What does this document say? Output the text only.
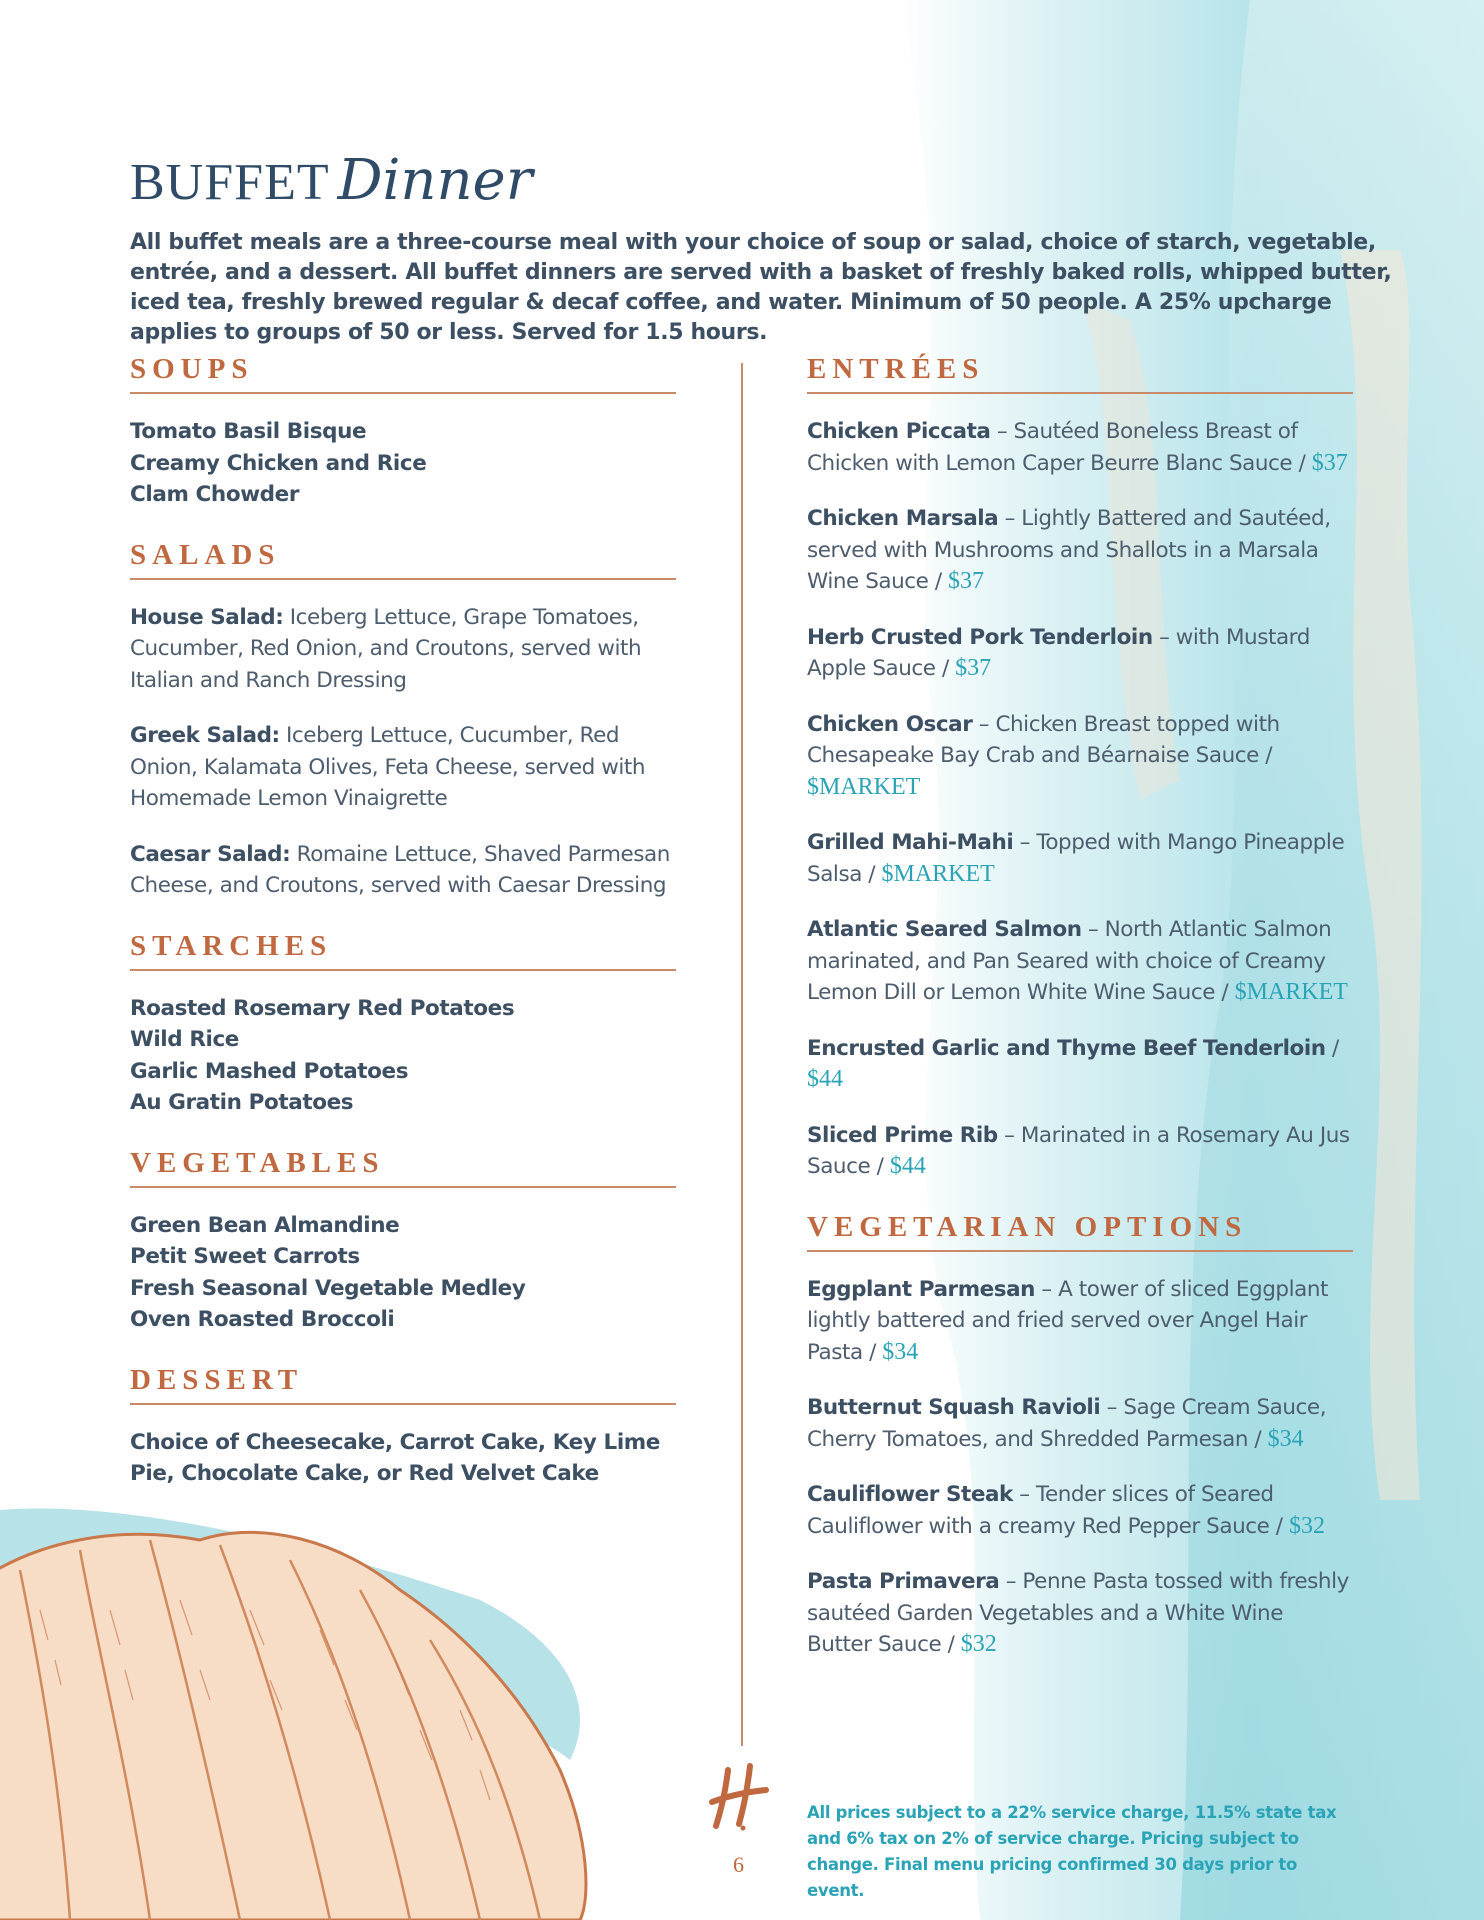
BUFFET Dinner

All buffet meals are a three-course meal with your choice of soup or salad, choice of starch, vegetable, entrée, and a dessert. All buffet dinners are served with a basket of freshly baked rolls, whipped butter, iced tea, freshly brewed regular & decaf coffee, and water. Minimum of 50 people. A 25% upcharge applies to groups of 50 or less. Served for 1.5 hours.

SOUPS
Tomato Basil Bisque
Creamy Chicken and Rice
Clam Chowder
SALADS

House Salad: Iceberg Lettuce, Grape Tomatoes, Cucumber, Red Onion, and Croutons, served with Italian and Ranch Dressing

Greek Salad: Iceberg Lettuce, Cucumber, Red Onion, Kalamata Olives, Feta Cheese, served with Homemade Lemon Vinaigrette

Caesar Salad: Romaine Lettuce, Shaved Parmesan Cheese, and Croutons, served with Caesar Dressing

STARCHES
Roasted Rosemary Red Potatoes
Wild Rice
Garlic Mashed Potatoes
Au Gratin Potatoes
VEGETABLES
Green Bean Almandine
Petit Sweet Carrots
Fresh Seasonal Vegetable Medley
Oven Roasted Broccoli
DESSERT

Choice of Cheesecake, Carrot Cake, Key Lime Pie, Chocolate Cake, or Red Velvet Cake

ENTRÉES

Chicken Piccata – Sautéed Boneless Breast of Chicken with Lemon Caper Beurre Blanc Sauce / $37

Chicken Marsala – Lightly Battered and Sautéed, served with Mushrooms and Shallots in a Marsala Wine Sauce / $37

Herb Crusted Pork Tenderloin – with Mustard Apple Sauce / $37

Chicken Oscar – Chicken Breast topped with Chesapeake Bay Crab and Béarnaise Sauce / $MARKET

Grilled Mahi-Mahi – Topped with Mango Pineapple Salsa / $MARKET

Atlantic Seared Salmon – North Atlantic Salmon marinated, and Pan Seared with choice of Creamy Lemon Dill or Lemon White Wine Sauce / $MARKET

Encrusted Garlic and Thyme Beef Tenderloin / $44

Sliced Prime Rib – Marinated in a Rosemary Au Jus Sauce / $44

VEGETARIAN OPTIONS

Eggplant Parmesan – A tower of sliced Eggplant lightly battered and fried served over Angel Hair Pasta / $34

Butternut Squash Ravioli – Sage Cream Sauce, Cherry Tomatoes, and Shredded Parmesan / $34

Cauliflower Steak – Tender slices of Seared Cauliflower with a creamy Red Pepper Sauce / $32

Pasta Primavera – Penne Pasta tossed with freshly sautéed Garden Vegetables and a White Wine Butter Sauce / $32

6

All prices subject to a 22% service charge, 11.5% state tax and 6% tax on 2% of service charge. Pricing subject to change. Final menu pricing confirmed 30 days prior to event.
